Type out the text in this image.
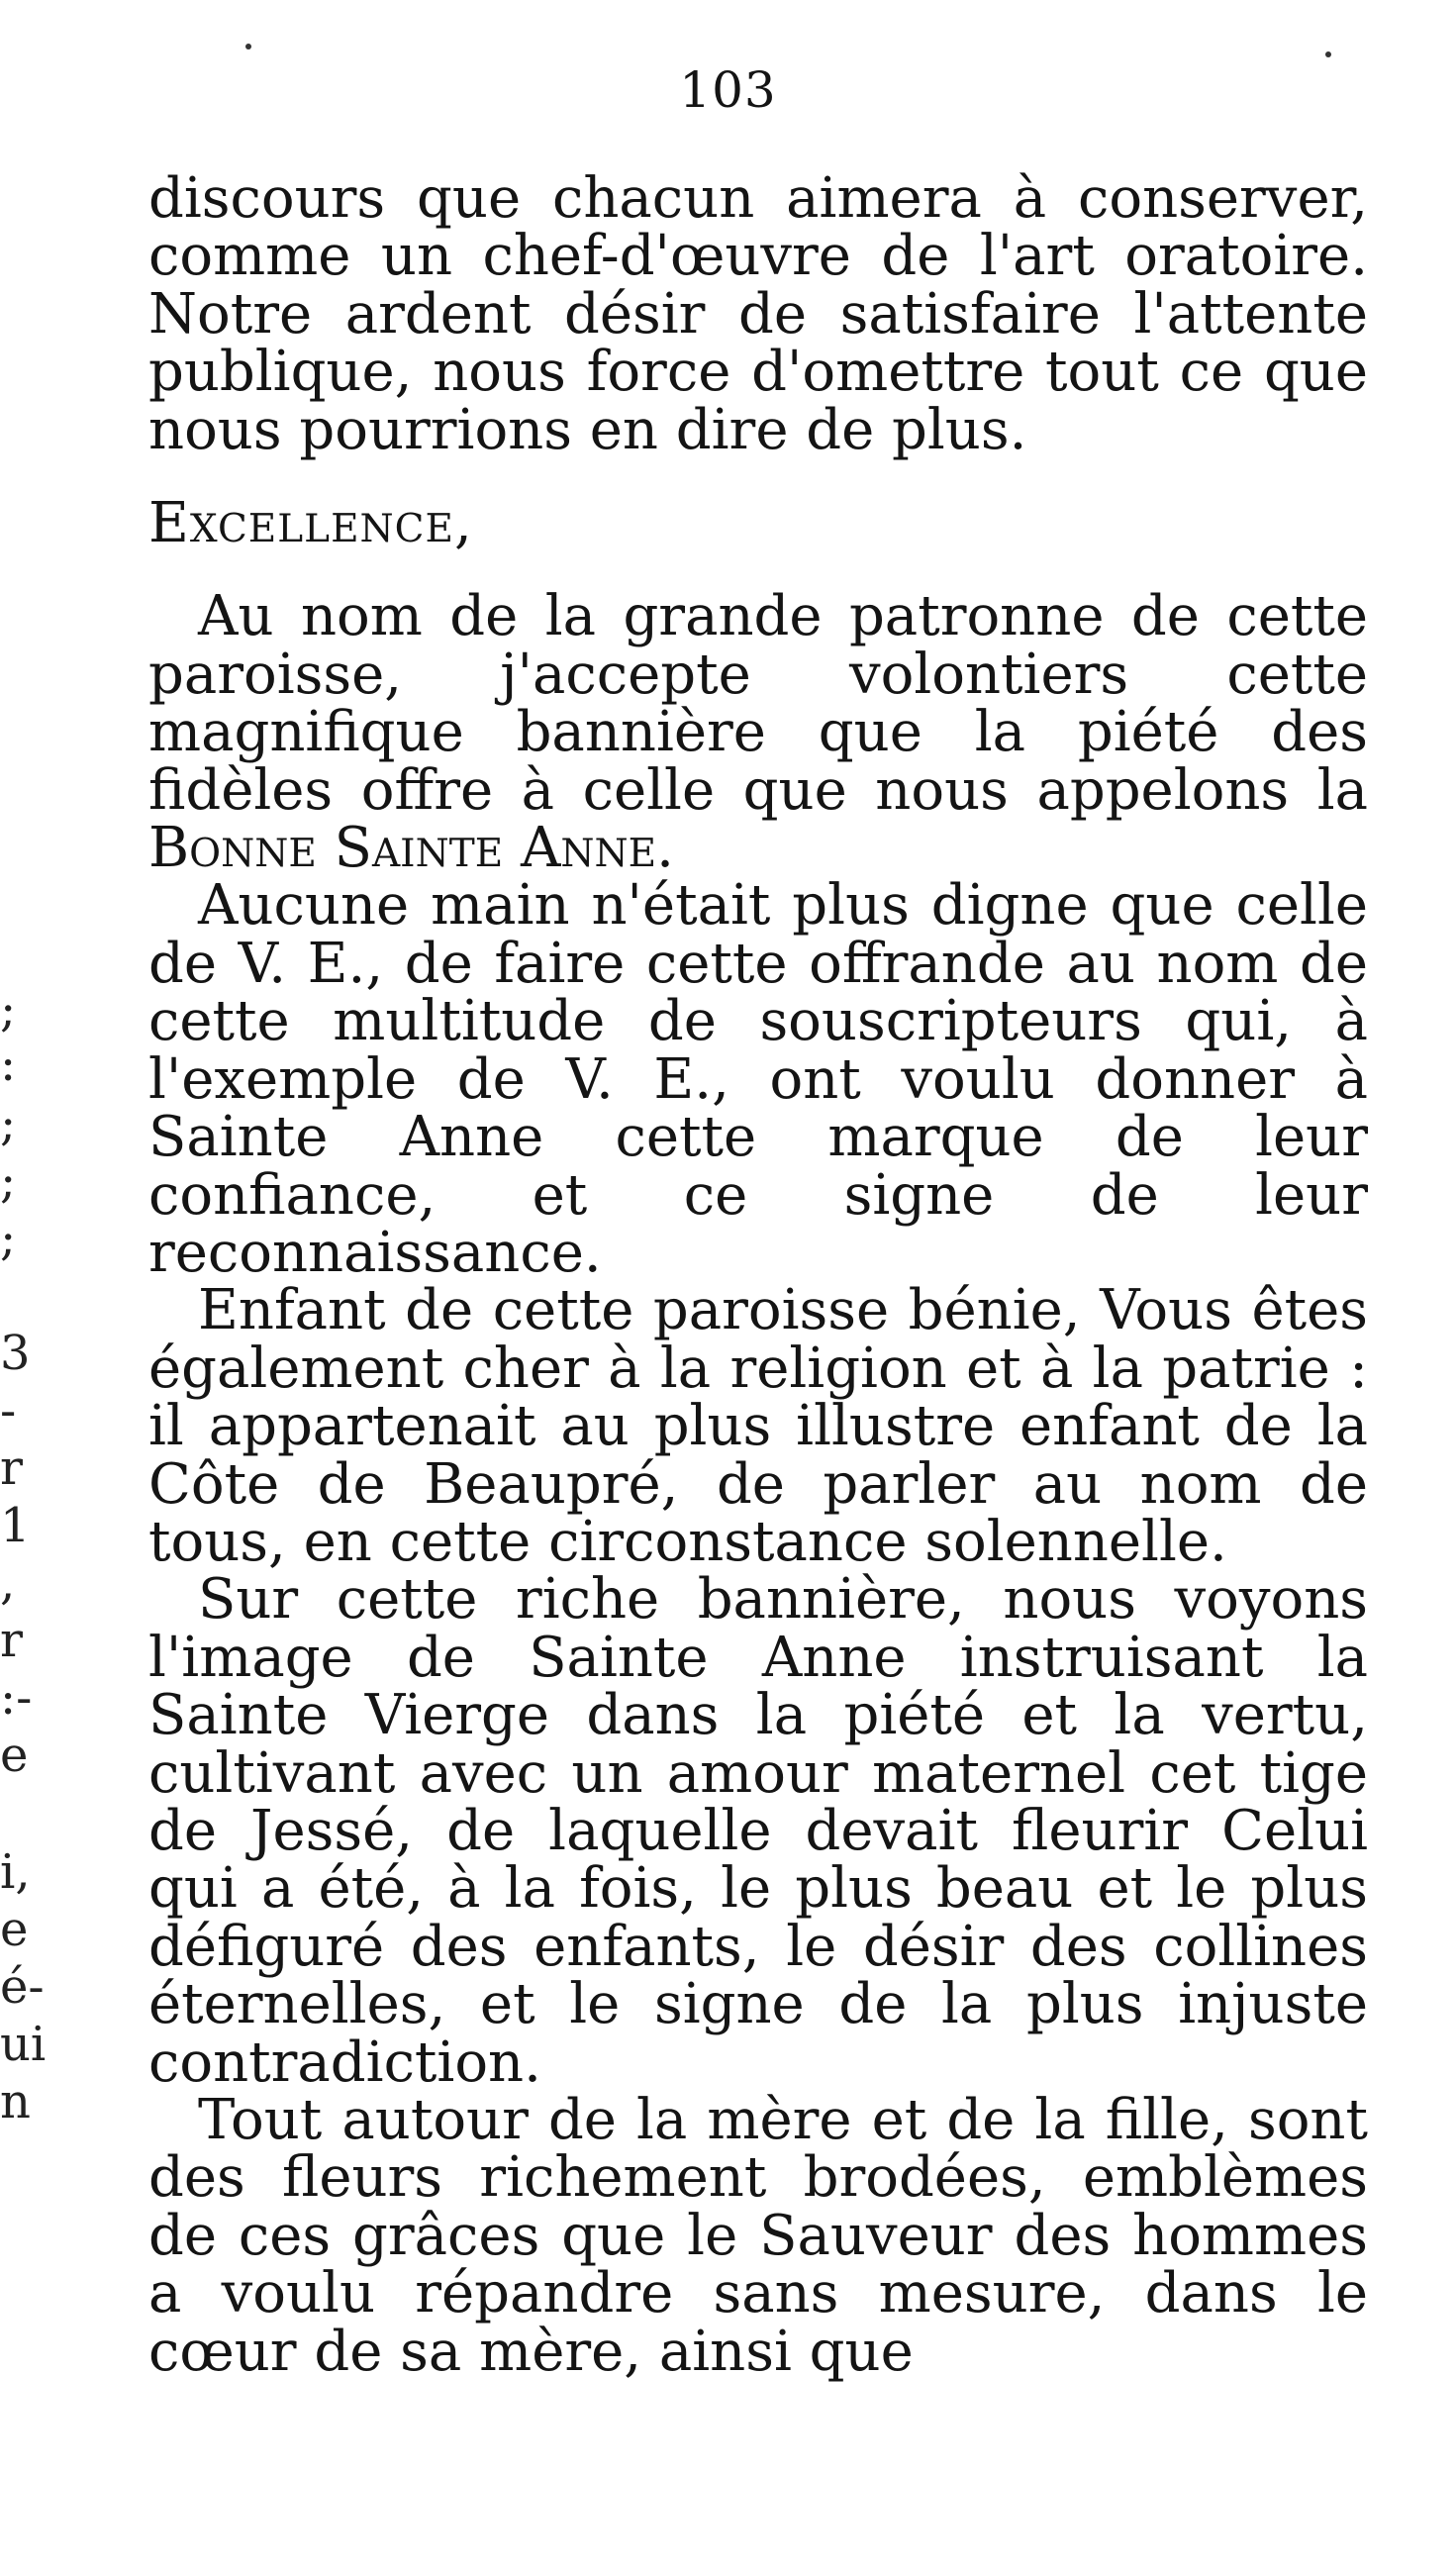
103
;
:
;
;
;
3
-
r
1
,
r
:-
e
i,
e
é-
ui
n

discours que chacun aimera à conserver, comme un chef-d'œuvre de l'art oratoire. Notre ardent désir de satisfaire l'attente publique, nous force d'omettre tout ce que nous pourrions en dire de plus.

Excellence,

Au nom de la grande patronne de cette paroisse, j'accepte volontiers cette magnifique bannière que la piété des fidèles offre à celle que nous appelons la Bonne Sainte Anne.

Aucune main n'était plus digne que celle de V. E., de faire cette offrande au nom de cette multitude de souscripteurs qui, à l'exemple de V. E., ont voulu donner à Sainte Anne cette marque de leur confiance, et ce signe de leur reconnaissance.

Enfant de cette paroisse bénie, Vous êtes également cher à la religion et à la patrie : il appartenait au plus illustre enfant de la Côte de Beaupré, de parler au nom de tous, en cette circonstance solennelle.

Sur cette riche bannière, nous voyons l'image de Sainte Anne instruisant la Sainte Vierge dans la piété et la vertu, cultivant avec un amour maternel cet tige de Jessé, de laquelle devait fleurir Celui qui a été, à la fois, le plus beau et le plus défiguré des enfants, le désir des collines éternelles, et le signe de la plus injuste contradiction.

Tout autour de la mère et de la fille, sont des fleurs richement brodées, emblèmes de ces grâces que le Sauveur des hommes a voulu répandre sans mesure, dans le cœur de sa mère, ainsi que
